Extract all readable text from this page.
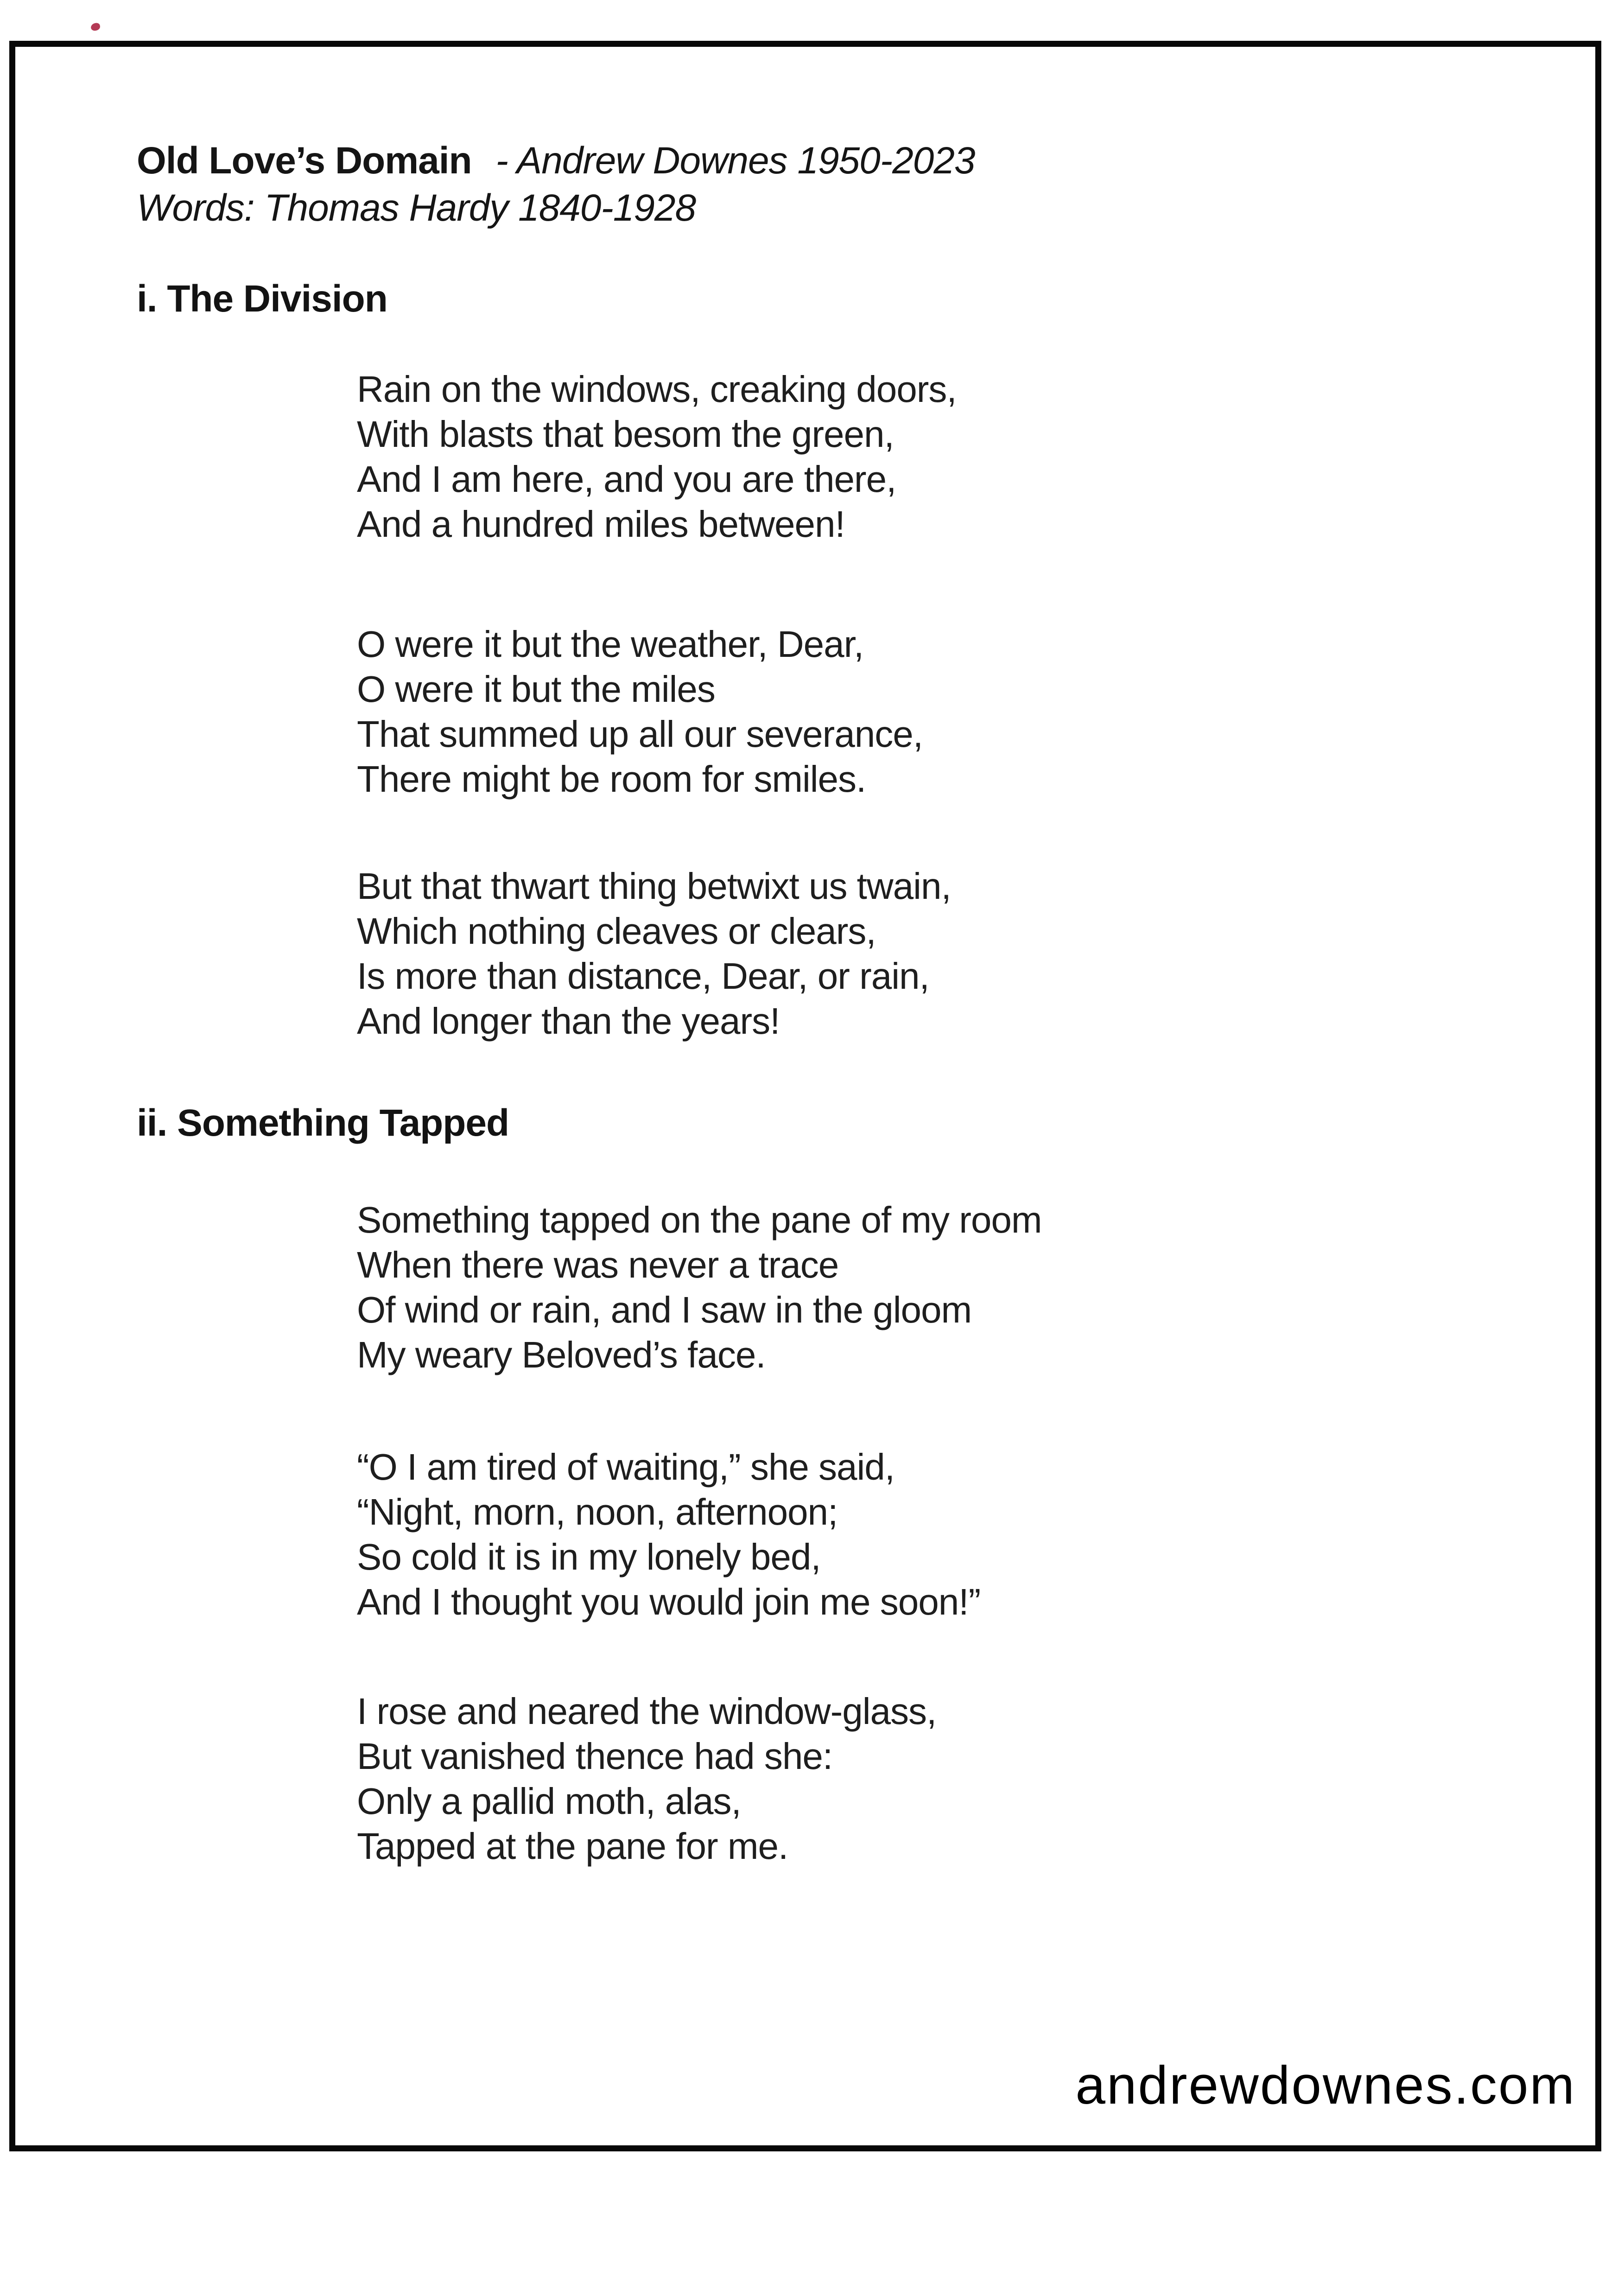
Old Love’s Domain - Andrew Downes 1950-2023
Words: Thomas Hardy 1840-1928
i. The Division
Rain on the windows, creaking doors,
With blasts that besom the green,
And I am here, and you are there,
And a hundred miles between!
O were it but the weather, Dear,
O were it but the miles
That summed up all our severance,
There might be room for smiles.
But that thwart thing betwixt us twain,
Which nothing cleaves or clears,
Is more than distance, Dear, or rain,
And longer than the years!
ii. Something Tapped
Something tapped on the pane of my room
When there was never a trace
Of wind or rain, and I saw in the gloom
My weary Beloved’s face.
“O I am tired of waiting,” she said,
“Night, morn, noon, afternoon;
So cold it is in my lonely bed,
And I thought you would join me soon!”
I rose and neared the window-glass,
But vanished thence had she:
Only a pallid moth, alas,
Tapped at the pane for me.
andrewdownes.com
